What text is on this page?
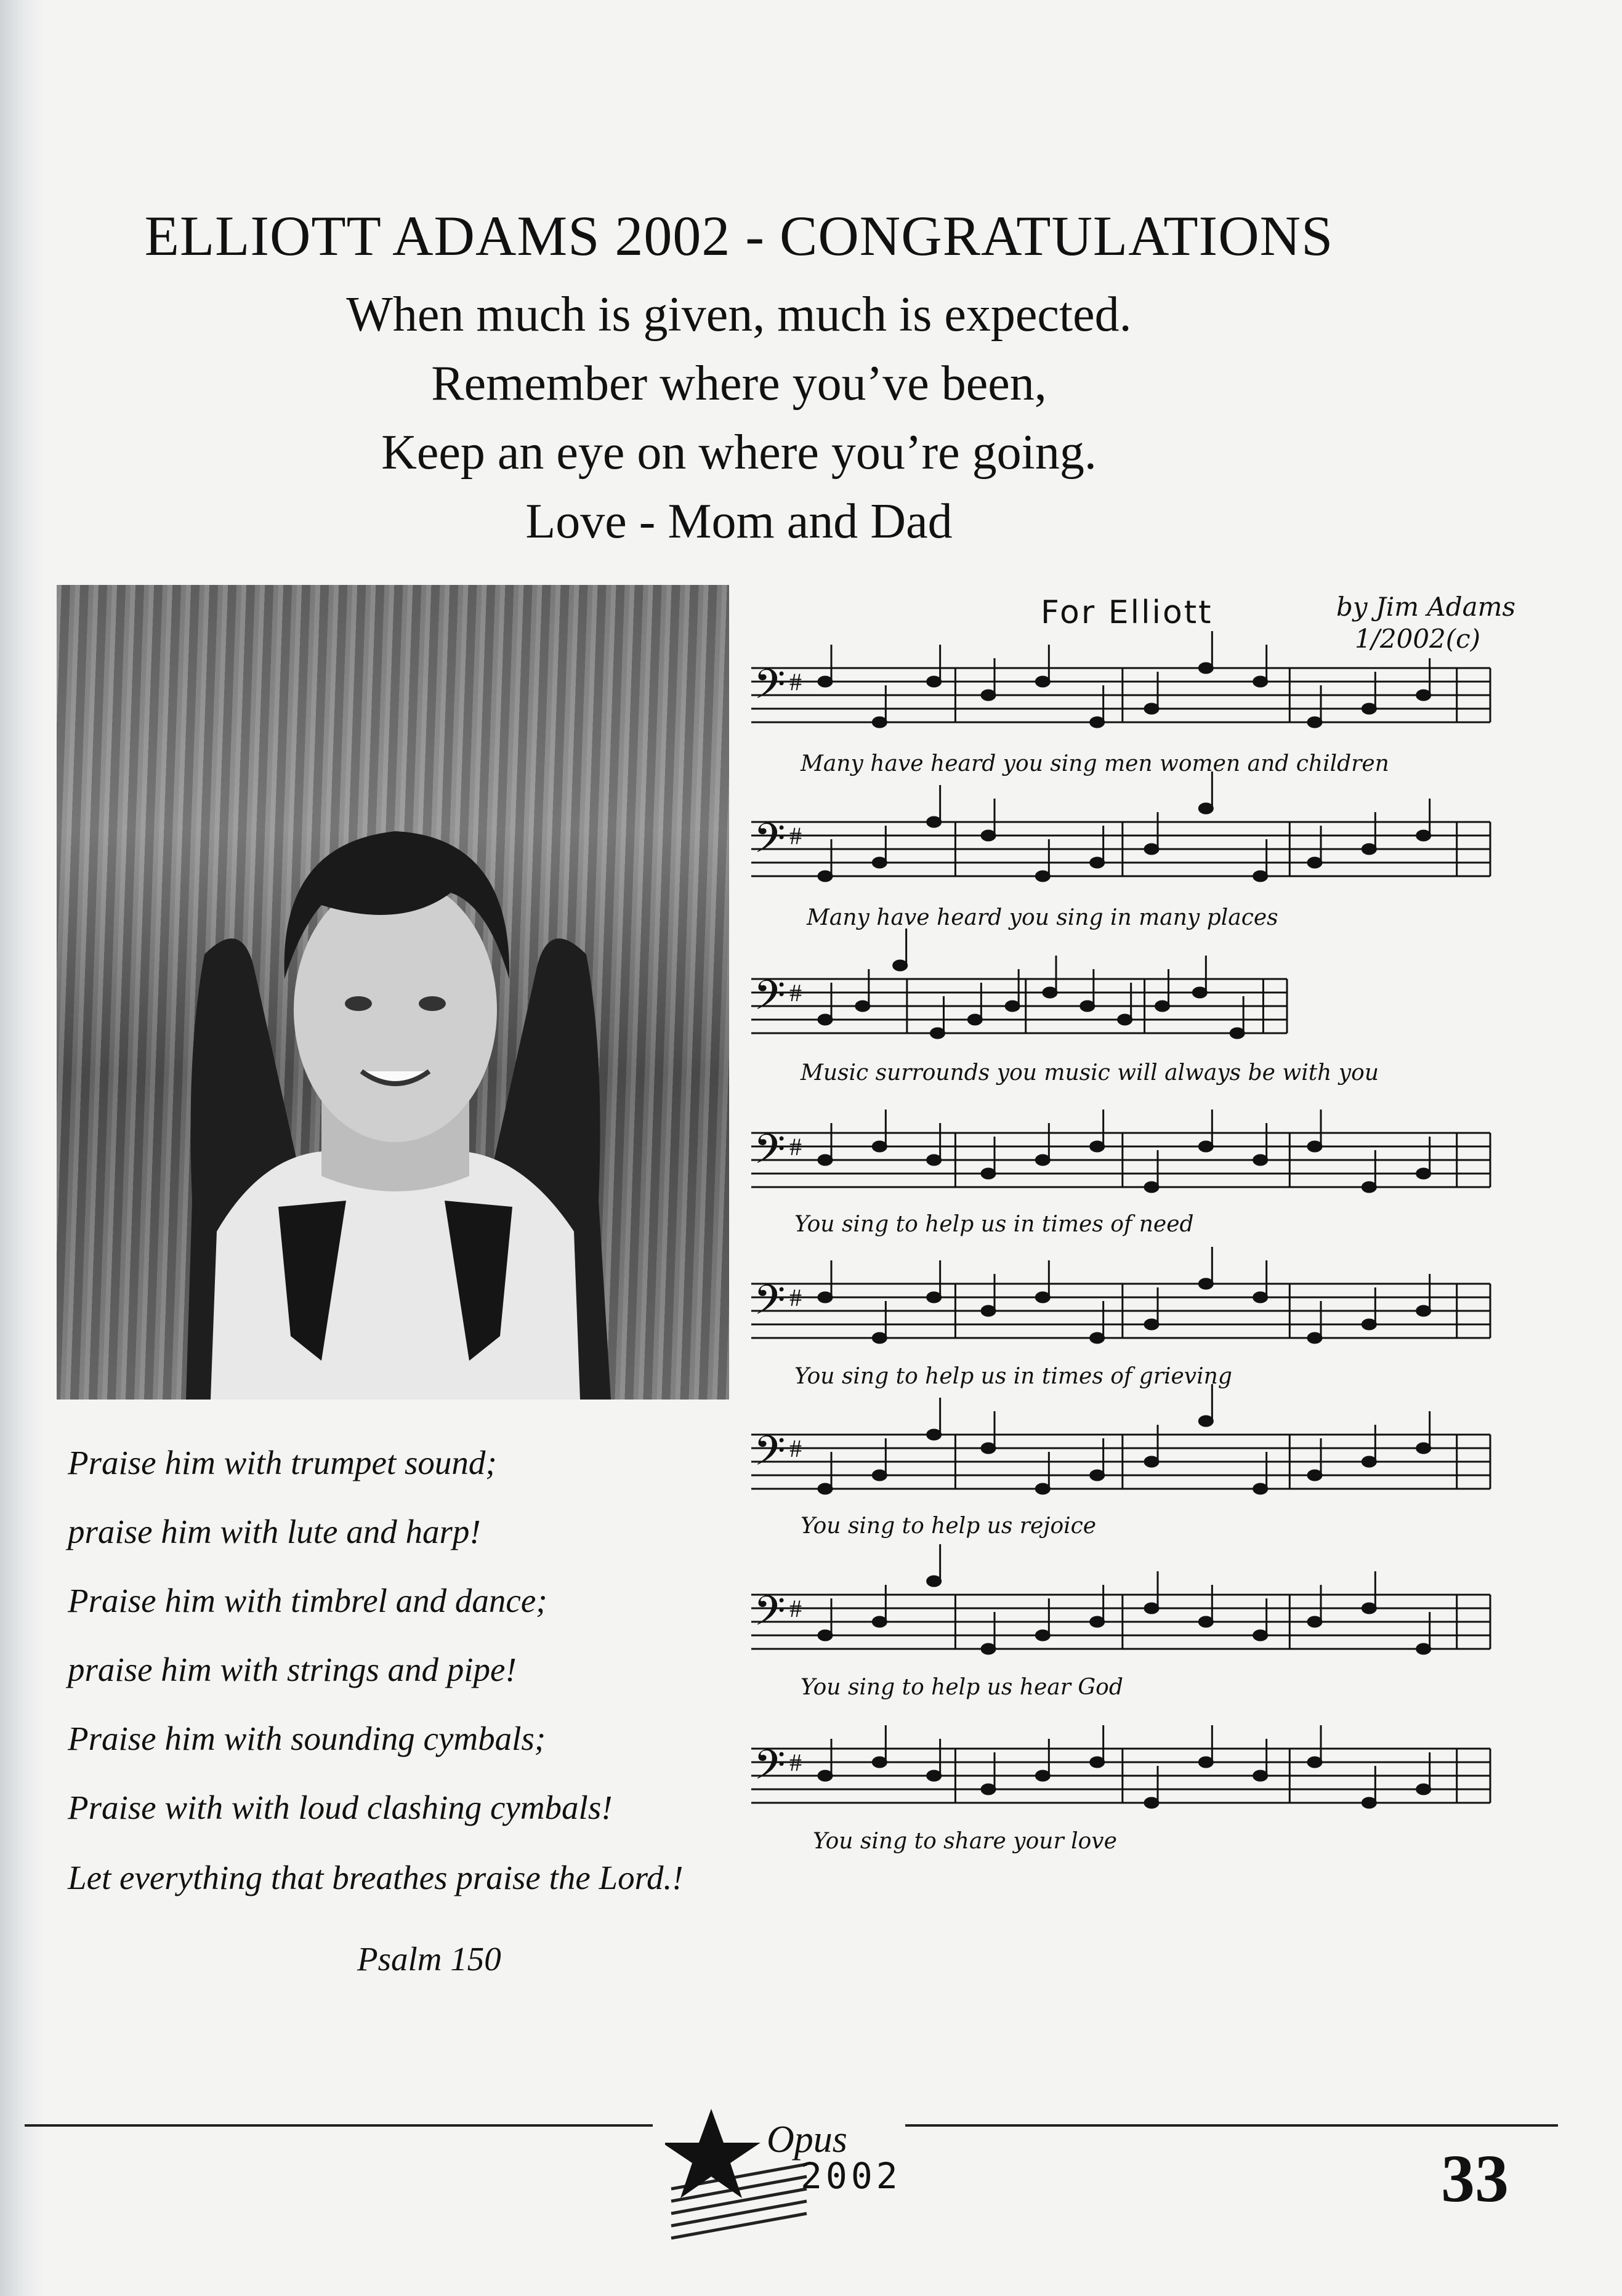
ELLIOTT ADAMS 2002 - CONGRATULATIONS
When much is given, much is expected.
Remember where you’ve been,
Keep an eye on where you’re going.
Love - Mom and Dad
Praise him with trumpet sound;
praise him with lute and harp!
Praise him with timbrel and dance;
praise him with strings and pipe!
Praise him with sounding cymbals;
Praise with with loud clashing cymbals!
Let everything that breathes praise the Lord.!
Psalm 150
For Elliott	by Jim Adams
1/2002(c)
𝄢 #
𝄢 #
𝄢 #
𝄢 #
𝄢 #
𝄢 #
𝄢 #
𝄢 #
Many have heard you sing men women and children
Many have heard you sing in many places
Music surrounds you music will always be with you
You sing to help us in times of need
You sing to help us in times of grieving
You sing to help us rejoice
You sing to help us hear God
You sing to share your love
Opus
2002	33
